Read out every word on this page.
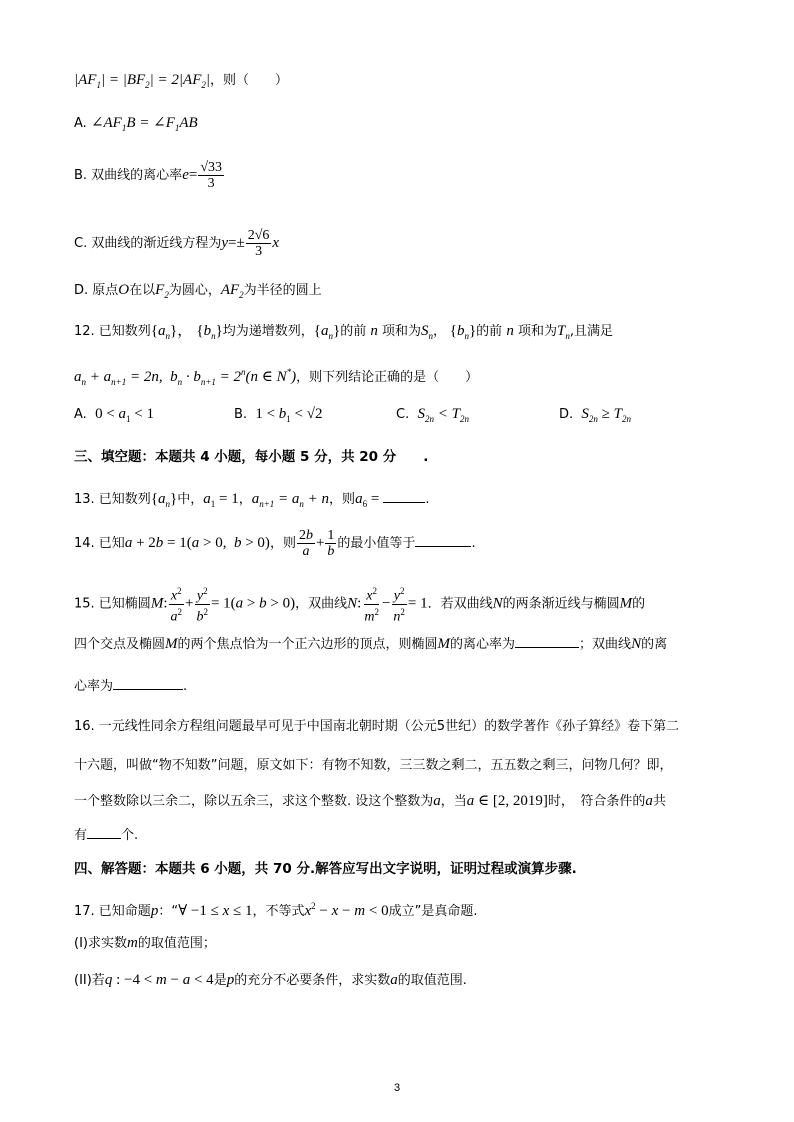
$|AF_1| = |BF_2| = 2|AF_2|$，则（　　）
A. $\angle AF_1B$ = $\angle F_1AB$
B. 双曲线的离心率$e= \frac{√33}{3}$
C. 双曲线的渐近线方程为$y=\pm \frac{2√6}{3}$ x
D. 原点O在以$F_2$为圆心，$AF_2$为半径的圆上
12. 已知数列$\{a_n\}$， $\{b_n\}$均为递增数列，$\{a_n\}$的前 n 项和为$S_n$， $\{b_n\}$的前 n 项和为$T_n$,且满足
$a_n + a_{n+1} = 2n$,  $b_n \cdot b_{n+1} = 2^n(n$ ∈ N*)，则下列结论正确的是（　　）
A. $0 < a_1 < 1$	B. $1 < b_1 < √2$	C. $S_{2n} < T_{2n}$	D. $S_{2n} \ge T_{2n}$
三、填空题：本题共 4 小题，每小题 5 分，共 20 分　　.
13. 已知数列$\{a_n\}$中，$a_1 = 1$，$a_{n+1} = a_n + n$，则$a_6$ =	.
14. 已知a + 2b = 1(a > 0,  b > 0)，则 $\frac{2b}{a} + \frac{1}{b}$ 的最小值等于	.
15. 已知椭圆M: $\frac{x^2}{a^2} + \frac{y^2}{b^2} = 1(a > b > 0)$，双曲线N: $\frac{x^2}{m^2} - \frac{y^2}{n^2} = 1$．若双曲线N的两条渐近线与椭圆M的
四个交点及椭圆M的两个焦点恰为一个正六边形的顶点，则椭圆M的离心率为	；双曲线N的离
心率为	.
16. 一元线性同余方程组问题最早可见于中国南北朝时期（公元5世纪）的数学著作《孙子算经》卷下第二
十六题，叫做“物不知数”问题，原文如下：有物不知数，三三数之剩二，五五数之剩三，问物几何？即，
一个整数除以三余二，除以五余三，求这个整数. 设这个整数为a，当a ∈ [2, 2019]时，　符合条件的a共
有	个.
四、解答题：本题共 6 小题，共 70 分.解答应写出文字说明，证明过程或演算步骤.
17. 已知命题p：“∀ −1 ≤ x ≤ 1，不等式$x^2 - x - m < 0$成立”是真命题.
(I)求实数m的取值范围；
(II)若q : −4 < m − a < 4是p的充分不必要条件，求实数a的取值范围.
3
